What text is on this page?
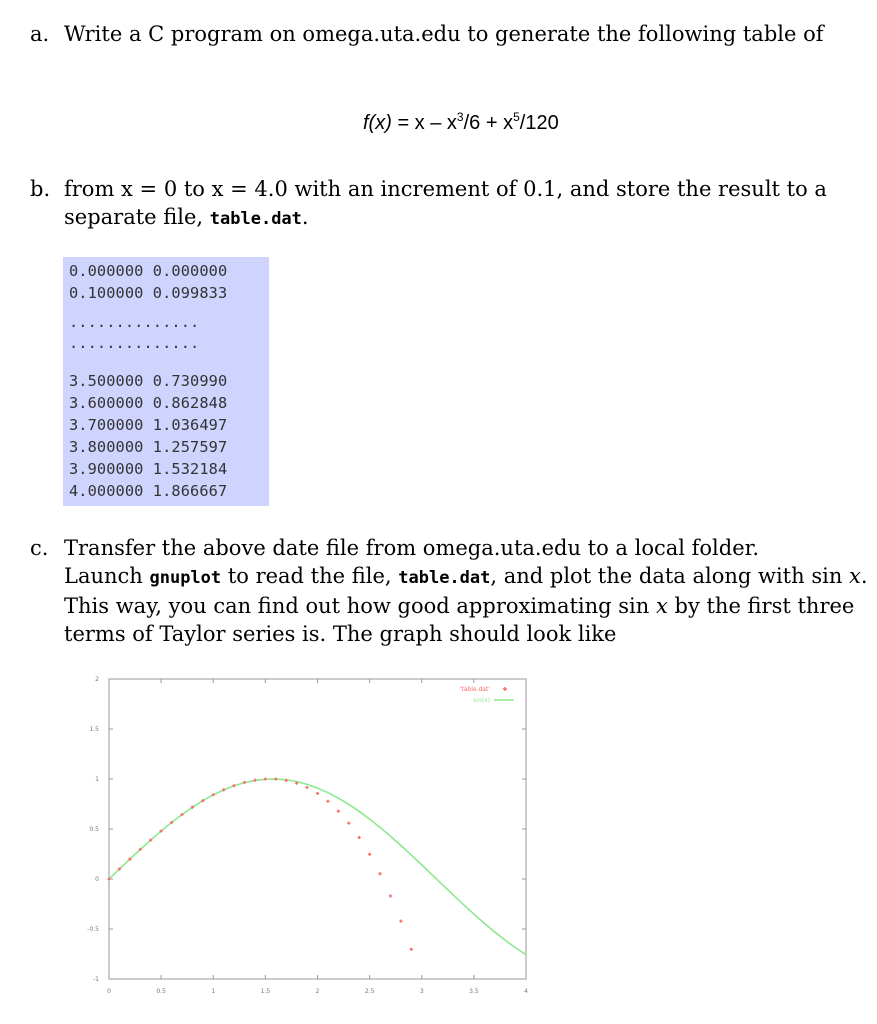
a. Write a C program on omega.uta.edu to generate the following table of
$f(x) = x - x^3/6 + x^5/120$
b. from x = 0 to x = 4.0 with an increment of 0.1, and store the result to a
separate file, table.dat.
0.000000 0.000000
0.100000 0.099833
..............
..............
3.500000 0.730990
3.600000 0.862848
3.700000 1.036497
3.800000 1.257597
3.900000 1.532184
4.000000 1.866667
c. Transfer the above date file from omega.uta.edu to a local folder.
Launch gnuplot to read the file, table.dat, and plot the data along with sin x.
This way, you can find out how good approximating sin x by the first three
terms of Taylor series is. The graph should look like
2
1.5
1
0.5
0
-0.5
-1
0	0.5	1	1.5	2	2.5	3	3.5	4
'table.dat'
sin(x)
